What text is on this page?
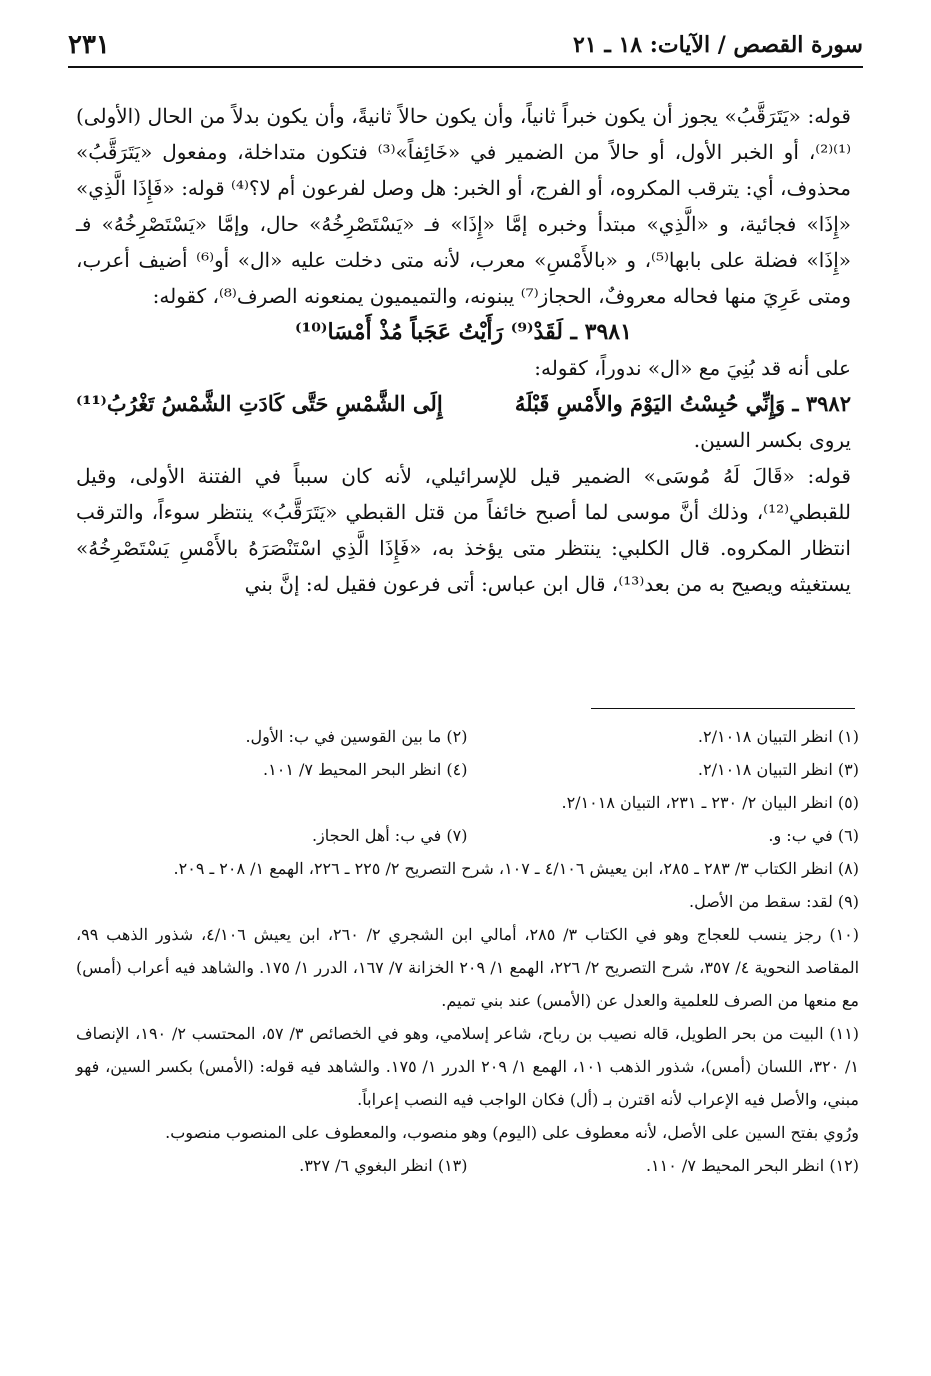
سورة القصص / الآيات: ١٨ ـ ٢١
٢٣١

قوله: «يَتَرَقَّبُ» يجوز أن يكون خبراً ثانياً، وأن يكون حالاً ثانيةً، وأن يكون بدلاً من الحال (الأولى)⁽¹⁾⁽²⁾، أو الخبر الأول، أو حالاً من الضمير في «خَائِفاً»⁽³⁾ فتكون متداخلة، ومفعول «يَتَرَقَّبُ» محذوف، أي: يترقب المكروه، أو الفرج، أو الخبر: هل وصل لفرعون أم لا؟⁽⁴⁾ قوله: «فَإِذَا الَّذِي» «إِذَا» فجائية، و «الَّذِي» مبتدأ وخبره إمَّا «إِذَا» فـ «يَسْتَصْرِخُهُ» حال، وإمَّا «يَسْتَصْرِخُهُ» فـ «إِذَا» فضلة على بابها⁽⁵⁾، و «بالأَمْسِ» معرب، لأنه متى دخلت عليه «ال» أو⁽⁶⁾ أضيف أعرب، ومتى عَرِيَ منها فحاله معروفٌ، الحجاز⁽⁷⁾ يبنونه، والتميميون يمنعونه الصرف⁽⁸⁾، كقوله:

٣٩٨١ ـ لَقَدْ⁽⁹⁾ رَأَيْتُ عَجَباً مُذْ أَمْسَا⁽¹⁰⁾

على أنه قد بُنِيَ مع «ال» ندوراً، كقوله:

٣٩٨٢ ـ وَإِنِّي حُبِسْتُ اليَوْمَ والأَمْسِ قَبْلَهُ
إِلَى الشَّمْسِ حَتَّى كَادَتِ الشَّمْسُ تَغْرُبُ⁽¹¹⁾

يروى بكسر السين.

قوله: «قَالَ لَهُ مُوسَى» الضمير قيل للإسرائيلي، لأنه كان سبباً في الفتنة الأولى، وقيل للقبطي⁽¹²⁾، وذلك أنَّ موسى لما أصبح خائفاً من قتل القبطي «يَتَرَقَّبُ» ينتظر سوءاً، والترقب انتظار المكروه. قال الكلبي: ينتظر متى يؤخذ به، «فَإِذَا الَّذِي اسْتَنْصَرَهُ بالأَمْسِ يَسْتَصْرِخُهُ» يستغيثه ويصيح به من بعد⁽¹³⁾، قال ابن عباس: أتى فرعون فقيل له: إنَّ بني

(١) انظر التبيان ٢/١٠١٨.
(٢) ما بين القوسين في ب: الأول.
(٣) انظر التبيان ٢/١٠١٨.
(٤) انظر البحر المحيط ٧/ ١٠١.
(٥) انظر البيان ٢/ ٢٣٠ ـ ٢٣١، التبيان ٢/١٠١٨.
(٦) في ب: و.
(٧) في ب: أهل الحجاز.
(٨) انظر الكتاب ٣/ ٢٨٣ ـ ٢٨٥، ابن يعيش ٤/١٠٦ ـ ١٠٧، شرح التصريح ٢/ ٢٢٥ ـ ٢٢٦، الهمع ١/ ٢٠٨ ـ ٢٠٩.
(٩) لقد: سقط من الأصل.
(١٠) رجز ينسب للعجاج وهو في الكتاب ٣/ ٢٨٥، أمالي ابن الشجري ٢/ ٢٦٠، ابن يعيش ٤/١٠٦، شذور الذهب ٩٩، المقاصد النحوية ٤/ ٣٥٧، شرح التصريح ٢/ ٢٢٦، الهمع ١/ ٢٠٩ الخزانة ٧/ ١٦٧، الدرر ١/ ١٧٥. والشاهد فيه أعراب (أمس) مع منعها من الصرف للعلمية والعدل عن (الأمس) عند بني تميم.
(١١) البيت من بحر الطويل، قاله نصيب بن رباح، شاعر إسلامي، وهو في الخصائص ٣/ ٥٧، المحتسب ٢/ ١٩٠، الإنصاف ١/ ٣٢٠، اللسان (أمس)، شذور الذهب ١٠١، الهمع ١/ ٢٠٩ الدرر ١/ ١٧٥. والشاهد فيه قوله: (الأمس) بكسر السين، فهو مبني، والأصل فيه الإعراب لأنه اقترن بـ (أل) فكان الواجب فيه النصب إعراباً.
ورُوي بفتح السين على الأصل، لأنه معطوف على (اليوم) وهو منصوب، والمعطوف على المنصوب منصوب.
(١٢) انظر البحر المحيط ٧/ ١١٠.
(١٣) انظر البغوي ٦/ ٣٢٧.
